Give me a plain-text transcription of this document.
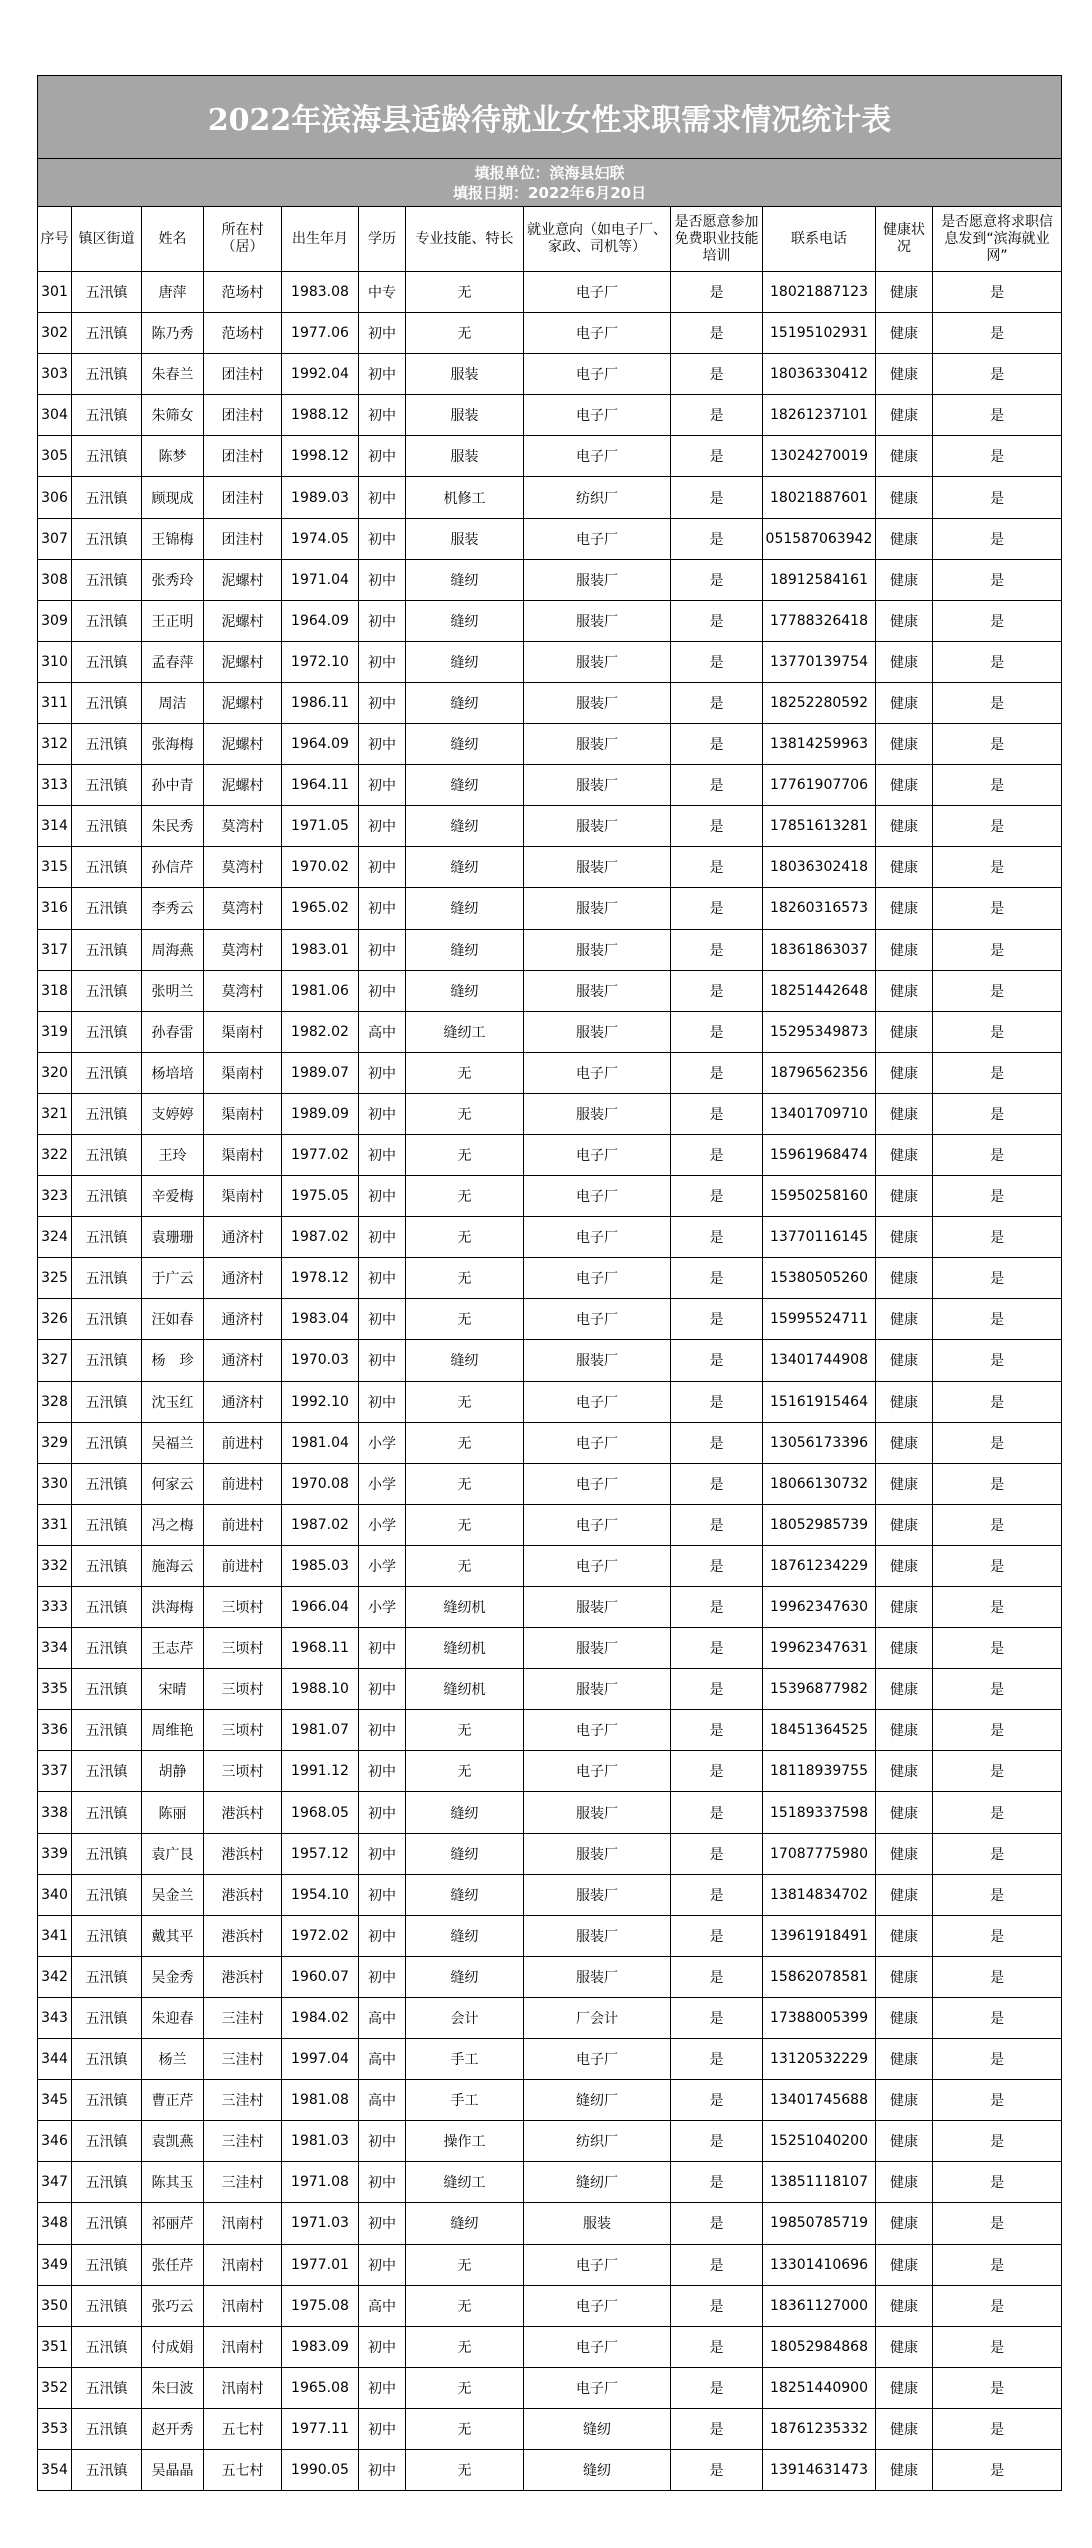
2022年滨海县适龄待就业女性求职需求情况统计表											

填报单位：滨海县妇联
填报日期：2022年6月20日											

序号	镇区街道	姓名	所在村（居）	出生年月	学历	专业技能、特长	就业意向（如电子厂、家政、司机等）	是否愿意参加免费职业技能培训	联系电话	健康状况	是否愿意将求职信息发到“滨海就业网”
301	五汛镇	唐萍	范场村	1983.08	中专	无	电子厂	是	18021887123	健康	是
302	五汛镇	陈乃秀	范场村	1977.06	初中	无	电子厂	是	15195102931	健康	是
303	五汛镇	朱春兰	团洼村	1992.04	初中	服装	电子厂	是	18036330412	健康	是
304	五汛镇	朱筛女	团洼村	1988.12	初中	服装	电子厂	是	18261237101	健康	是
305	五汛镇	陈梦	团洼村	1998.12	初中	服装	电子厂	是	13024270019	健康	是
306	五汛镇	顾现成	团洼村	1989.03	初中	机修工	纺织厂	是	18021887601	健康	是
307	五汛镇	王锦梅	团洼村	1974.05	初中	服装	电子厂	是	051587063942	健康	是
308	五汛镇	张秀玲	泥螺村	1971.04	初中	缝纫	服装厂	是	18912584161	健康	是
309	五汛镇	王正明	泥螺村	1964.09	初中	缝纫	服装厂	是	17788326418	健康	是
310	五汛镇	孟春萍	泥螺村	1972.10	初中	缝纫	服装厂	是	13770139754	健康	是
311	五汛镇	周洁	泥螺村	1986.11	初中	缝纫	服装厂	是	18252280592	健康	是
312	五汛镇	张海梅	泥螺村	1964.09	初中	缝纫	服装厂	是	13814259963	健康	是
313	五汛镇	孙中青	泥螺村	1964.11	初中	缝纫	服装厂	是	17761907706	健康	是
314	五汛镇	朱民秀	莫湾村	1971.05	初中	缝纫	服装厂	是	17851613281	健康	是
315	五汛镇	孙信芹	莫湾村	1970.02	初中	缝纫	服装厂	是	18036302418	健康	是
316	五汛镇	李秀云	莫湾村	1965.02	初中	缝纫	服装厂	是	18260316573	健康	是
317	五汛镇	周海燕	莫湾村	1983.01	初中	缝纫	服装厂	是	18361863037	健康	是
318	五汛镇	张明兰	莫湾村	1981.06	初中	缝纫	服装厂	是	18251442648	健康	是
319	五汛镇	孙春雷	渠南村	1982.02	高中	缝纫工	服装厂	是	15295349873	健康	是
320	五汛镇	杨培培	渠南村	1989.07	初中	无	电子厂	是	18796562356	健康	是
321	五汛镇	支婷婷	渠南村	1989.09	初中	无	服装厂	是	13401709710	健康	是
322	五汛镇	王玲	渠南村	1977.02	初中	无	电子厂	是	15961968474	健康	是
323	五汛镇	辛爱梅	渠南村	1975.05	初中	无	电子厂	是	15950258160	健康	是
324	五汛镇	袁珊珊	通济村	1987.02	初中	无	电子厂	是	13770116145	健康	是
325	五汛镇	于广云	通济村	1978.12	初中	无	电子厂	是	15380505260	健康	是
326	五汛镇	汪如春	通济村	1983.04	初中	无	电子厂	是	15995524711	健康	是
327	五汛镇	杨　珍	通济村	1970.03	初中	缝纫	服装厂	是	13401744908	健康	是
328	五汛镇	沈玉红	通济村	1992.10	初中	无	电子厂	是	15161915464	健康	是
329	五汛镇	吴福兰	前进村	1981.04	小学	无	电子厂	是	13056173396	健康	是
330	五汛镇	何家云	前进村	1970.08	小学	无	电子厂	是	18066130732	健康	是
331	五汛镇	冯之梅	前进村	1987.02	小学	无	电子厂	是	18052985739	健康	是
332	五汛镇	施海云	前进村	1985.03	小学	无	电子厂	是	18761234229	健康	是
333	五汛镇	洪海梅	三顷村	1966.04	小学	缝纫机	服装厂	是	19962347630	健康	是
334	五汛镇	王志芹	三顷村	1968.11	初中	缝纫机	服装厂	是	19962347631	健康	是
335	五汛镇	宋晴	三顷村	1988.10	初中	缝纫机	服装厂	是	15396877982	健康	是
336	五汛镇	周维艳	三顷村	1981.07	初中	无	电子厂	是	18451364525	健康	是
337	五汛镇	胡静	三顷村	1991.12	初中	无	电子厂	是	18118939755	健康	是
338	五汛镇	陈丽	港浜村	1968.05	初中	缝纫	服装厂	是	15189337598	健康	是
339	五汛镇	袁广艮	港浜村	1957.12	初中	缝纫	服装厂	是	17087775980	健康	是
340	五汛镇	吴金兰	港浜村	1954.10	初中	缝纫	服装厂	是	13814834702	健康	是
341	五汛镇	戴其平	港浜村	1972.02	初中	缝纫	服装厂	是	13961918491	健康	是
342	五汛镇	吴金秀	港浜村	1960.07	初中	缝纫	服装厂	是	15862078581	健康	是
343	五汛镇	朱迎春	三洼村	1984.02	高中	会计	厂会计	是	17388005399	健康	是
344	五汛镇	杨兰	三洼村	1997.04	高中	手工	电子厂	是	13120532229	健康	是
345	五汛镇	曹正芹	三洼村	1981.08	高中	手工	缝纫厂	是	13401745688	健康	是
346	五汛镇	袁凯燕	三洼村	1981.03	初中	操作工	纺织厂	是	15251040200	健康	是
347	五汛镇	陈其玉	三洼村	1971.08	初中	缝纫工	缝纫厂	是	13851118107	健康	是
348	五汛镇	祁丽芹	汛南村	1971.03	初中	缝纫	服装	是	19850785719	健康	是
349	五汛镇	张任芹	汛南村	1977.01	初中	无	电子厂	是	13301410696	健康	是
350	五汛镇	张巧云	汛南村	1975.08	高中	无	电子厂	是	18361127000	健康	是
351	五汛镇	付成娟	汛南村	1983.09	初中	无	电子厂	是	18052984868	健康	是
352	五汛镇	朱曰波	汛南村	1965.08	初中	无	电子厂	是	18251440900	健康	是
353	五汛镇	赵开秀	五七村	1977.11	初中	无	缝纫	是	18761235332	健康	是
354	五汛镇	吴晶晶	五七村	1990.05	初中	无	缝纫	是	13914631473	健康	是
